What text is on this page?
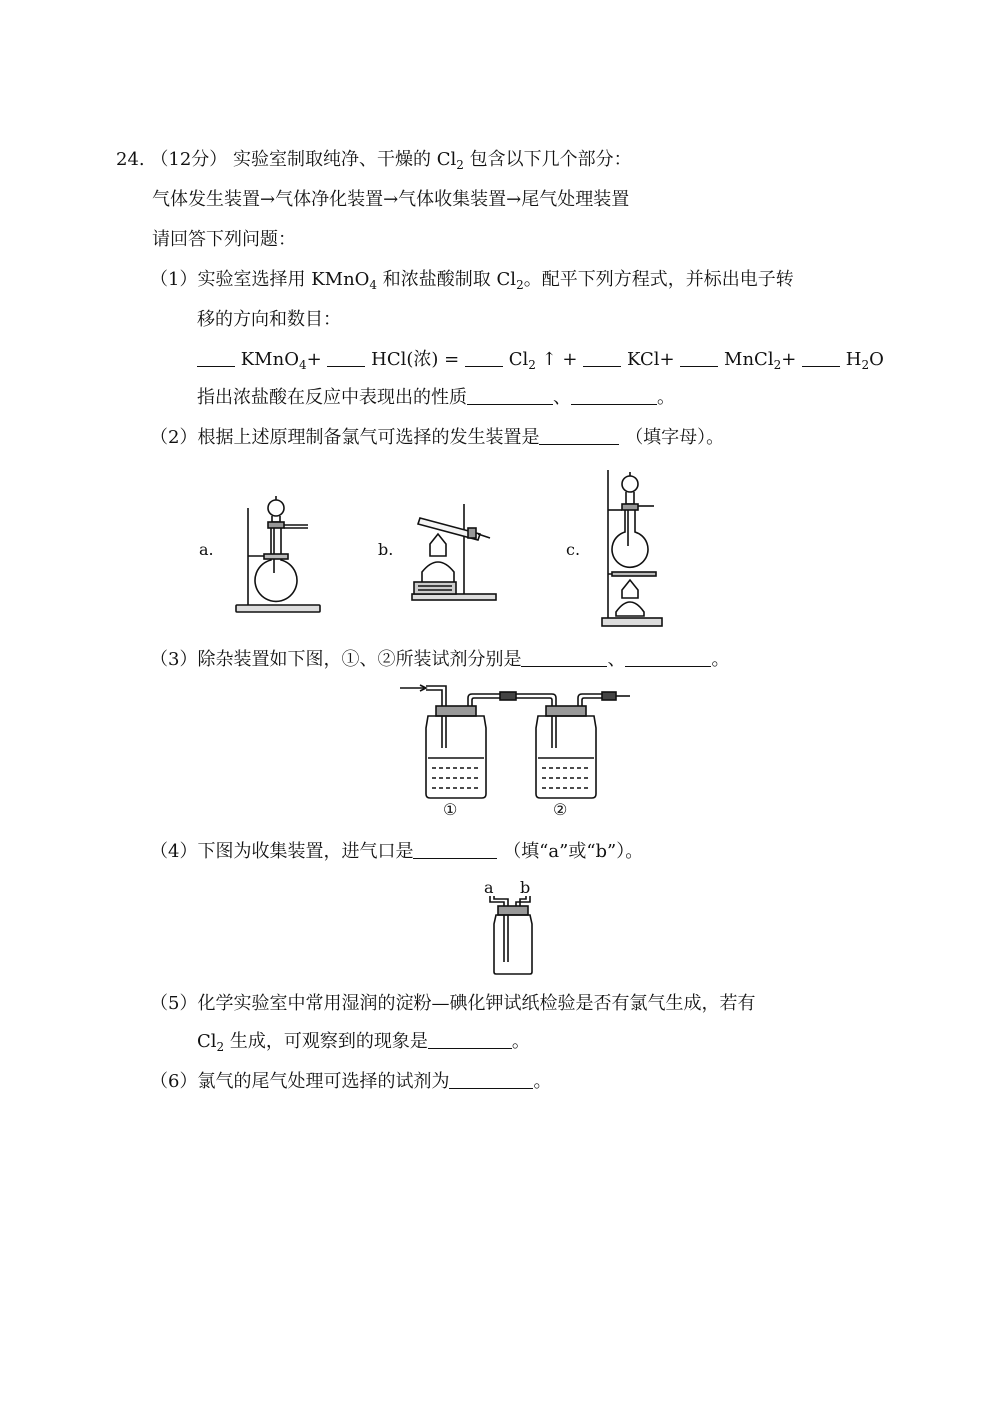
24. （12分） 实验室制取纯净、干燥的 $Cl_2$ 包含以下几个部分：
气体发生装置→气体净化装置→气体收集装置→尾气处理装置
请回答下列问题：
（1）实验室选择用 KMnO$_4$ 和浓盐酸制取 $Cl_2$。配平下列方程式，并标出电子转
移的方向和数目：
KMnO$_4$+	HCl(浓) =	$Cl_2$ ↑ +	KCl+	MnCl$_2$+	$H_2O$
指出浓盐酸在反应中表现出的性质	、	。
（2）根据上述原理制备氯气可选择的发生装置是	（填字母）。
a.	b.	c.
（3）除杂装置如下图，①、②所装试剂分别是	、	。
①	②
（4）下图为收集装置，进气口是	（填“a”或“b”）。
a b
（5）化学实验室中常用湿润的淀粉—碘化钾试纸检验是否有氯气生成，若有
$Cl_2$ 生成，可观察到的现象是	。
（6）氯气的尾气处理可选择的试剂为	。
